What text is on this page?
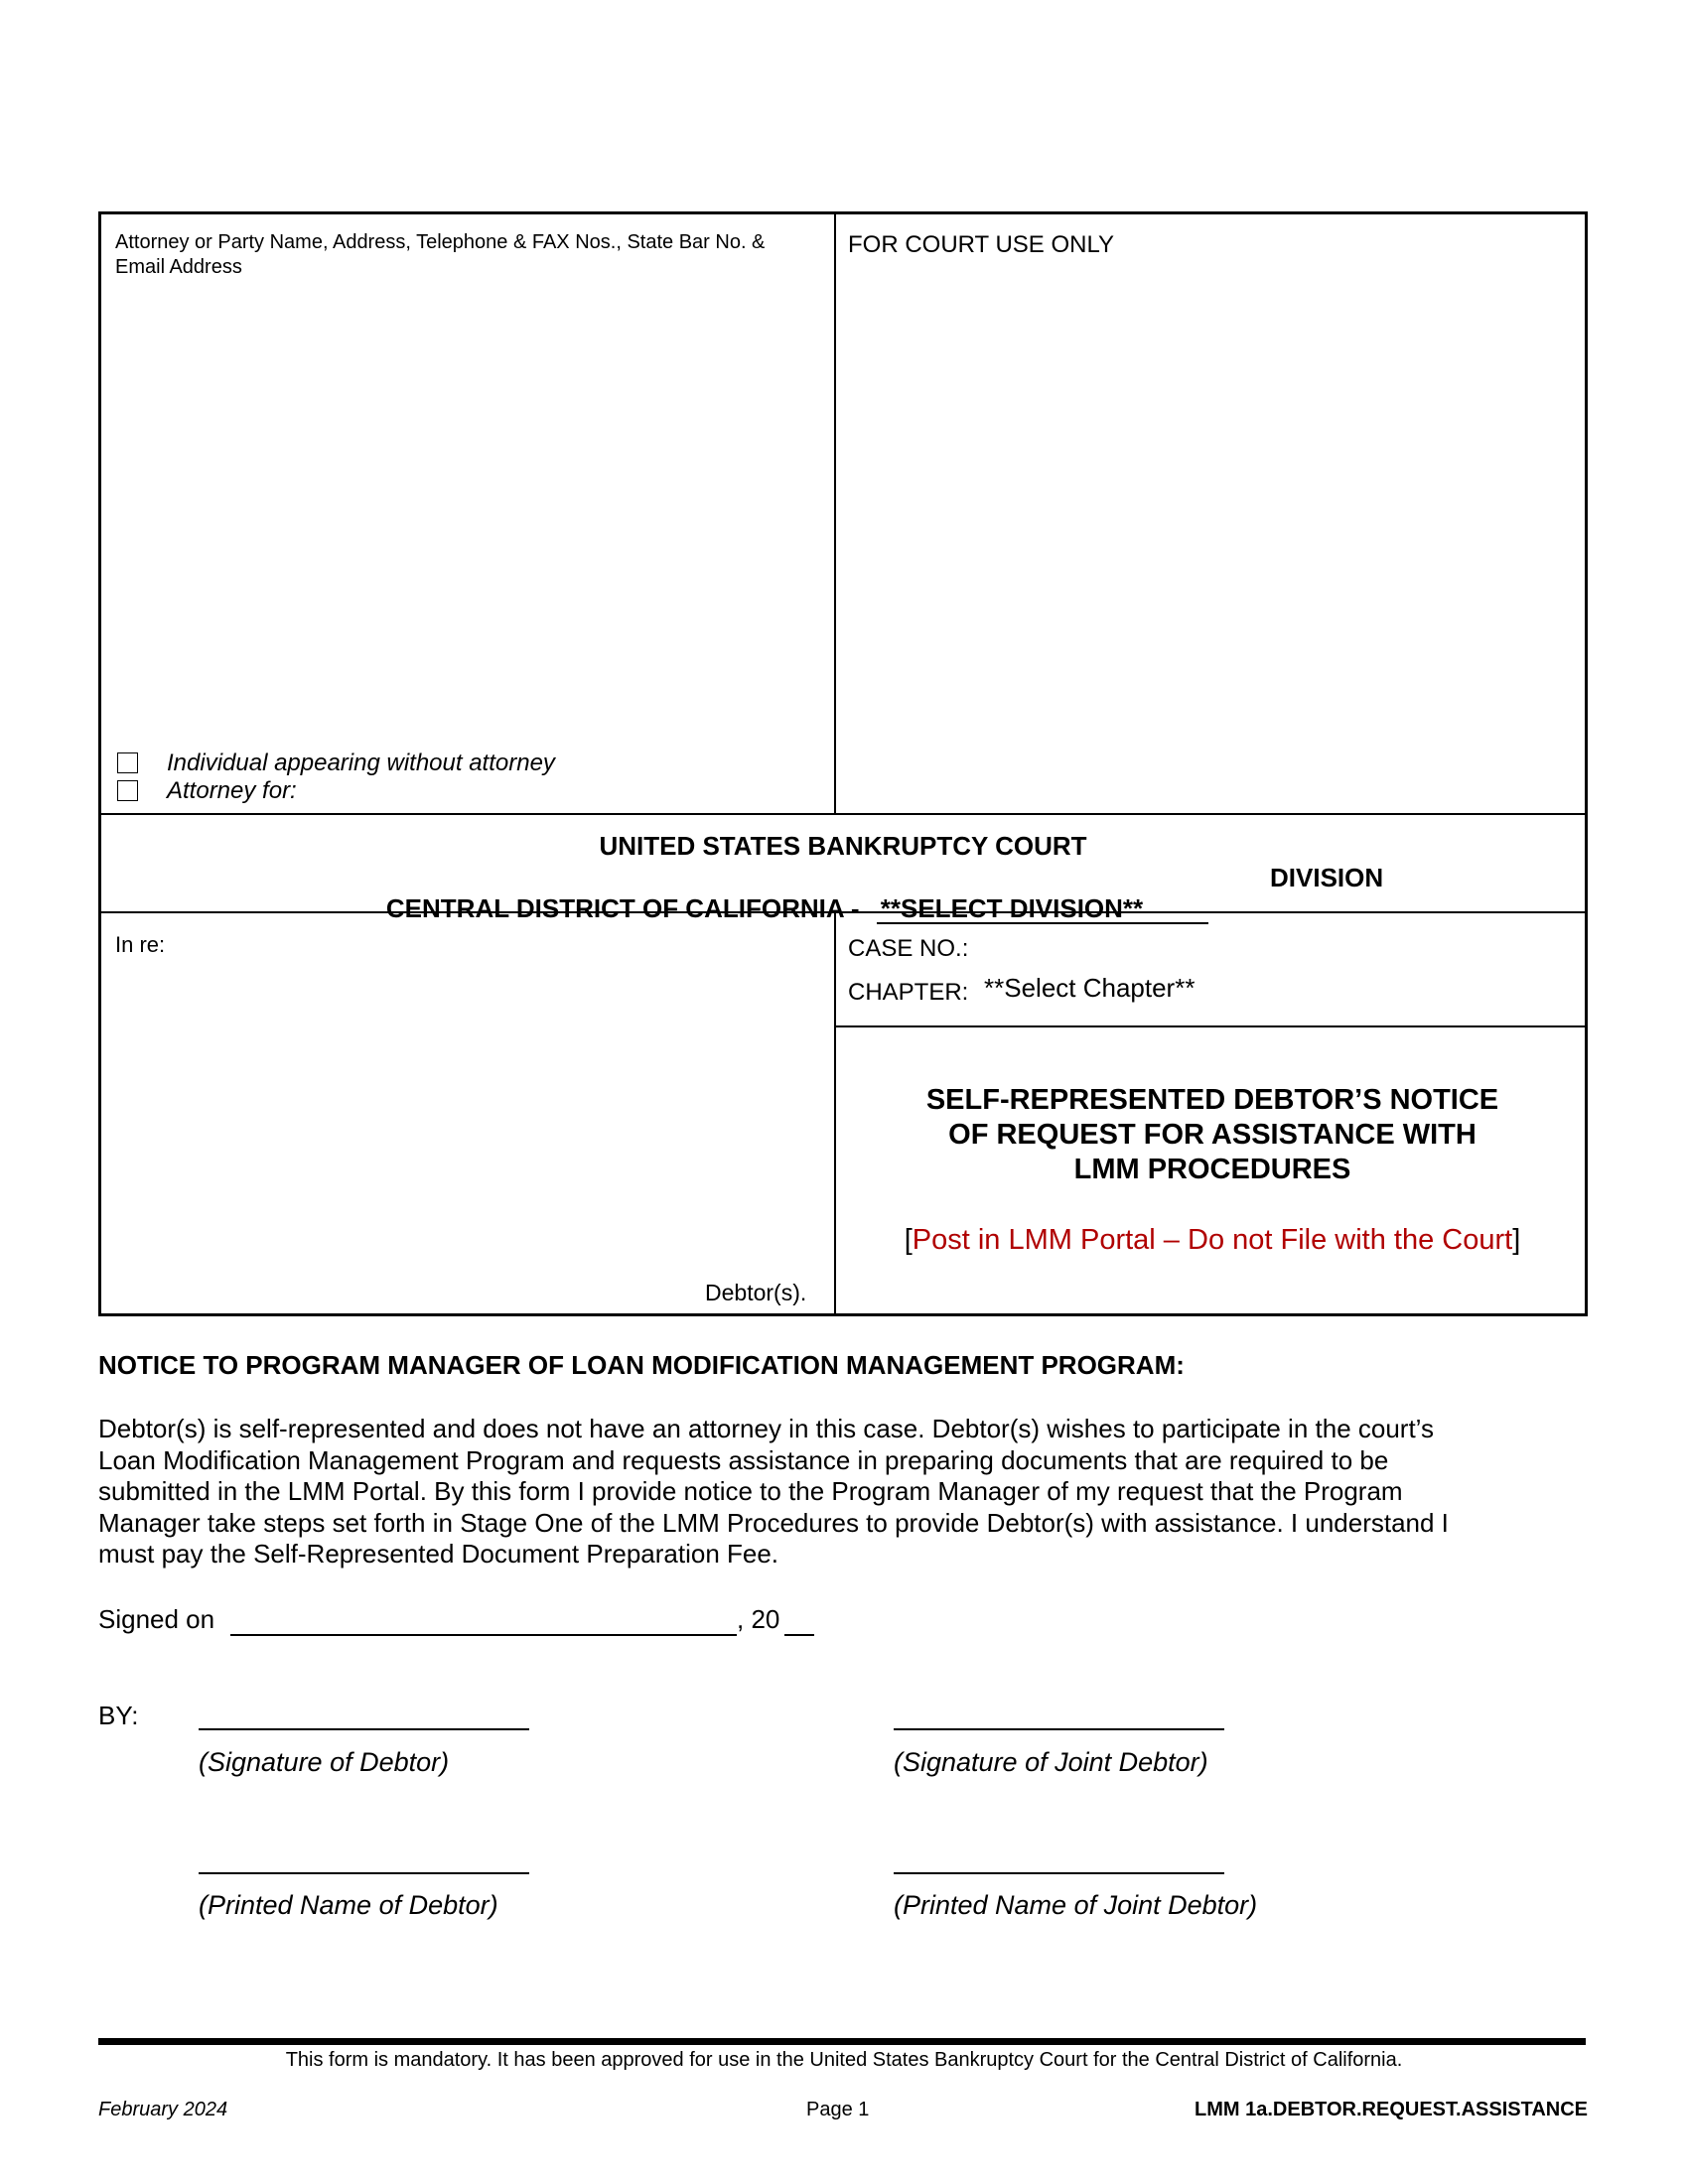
Attorney or Party Name, Address, Telephone & FAX Nos., State Bar No. & Email Address
Individual appearing without attorney
Attorney for:
FOR COURT USE ONLY
UNITED STATES BANKRUPTCY COURT

CENTRAL DISTRICT OF CALIFORNIA - **SELECT DIVISION**

DIVISION
In re:
Debtor(s).
CASE NO.:
CHAPTER: **Select Chapter**
SELF-REPRESENTED DEBTOR’S NOTICE
OF REQUEST FOR ASSISTANCE WITH
LMM PROCEDURES
[Post in LMM Portal – Do not File with the Court]
NOTICE TO PROGRAM MANAGER OF LOAN MODIFICATION MANAGEMENT PROGRAM:
Debtor(s) is self-represented and does not have an attorney in this case. Debtor(s) wishes to participate in the court’s
Loan Modification Management Program and requests assistance in preparing documents that are required to be
submitted in the LMM Portal. By this form I provide notice to the Program Manager of my request that the Program
Manager take steps set forth in Stage One of the LMM Procedures to provide Debtor(s) with assistance. I understand I
must pay the Self-Represented Document Preparation Fee.
Signed on	, 20
BY:
(Signature of Debtor)	(Signature of Joint Debtor)
(Printed Name of Debtor)	(Printed Name of Joint Debtor)
This form is mandatory. It has been approved for use in the United States Bankruptcy Court for the Central District of California.
February 2024	Page 1	LMM 1a.DEBTOR.REQUEST.ASSISTANCE
